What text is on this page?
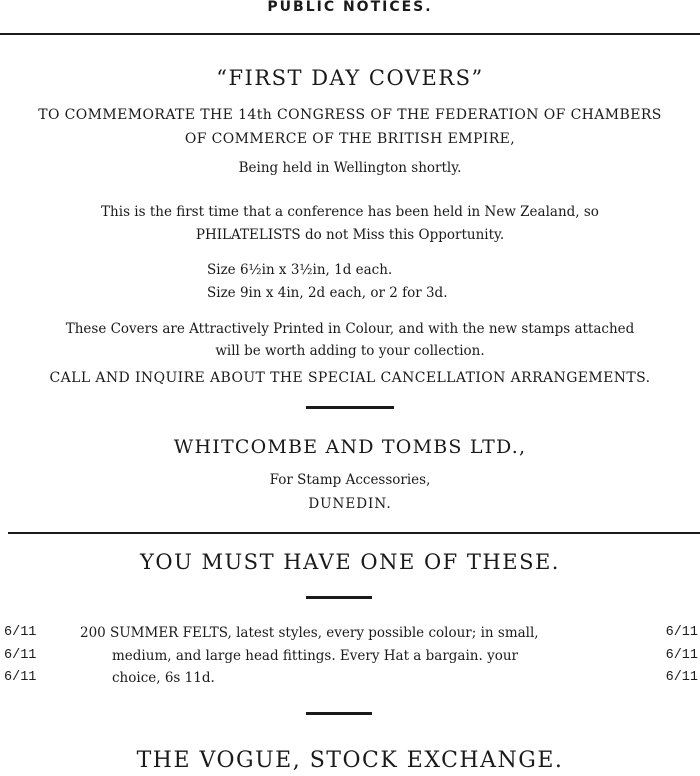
PUBLIC NOTICES.
“FIRST DAY COVERS”
TO COMMEMORATE THE 14th CONGRESS OF THE FEDERATION OF CHAMBERS
OF COMMERCE OF THE BRITISH EMPIRE,
Being held in Wellington shortly.
This is the first time that a conference has been held in New Zealand, so
PHILATELISTS do not Miss this Opportunity.
Size 6½in x 3½in, 1d each.
Size 9in x 4in, 2d each, or 2 for 3d.
These Covers are Attractively Printed in Colour, and with the new stamps attached
will be worth adding to your collection.
CALL AND INQUIRE ABOUT THE SPECIAL CANCELLATION ARRANGEMENTS.
WHITCOMBE AND TOMBS LTD.,
For Stamp Accessories,
DUNEDIN.
YOU MUST HAVE ONE OF THESE.
6/11
6/11
6/11
200 SUMMER FELTS, latest styles, every possible colour; in small,
medium, and large head fittings. Every Hat a bargain. your
choice, 6s 11d.
6/11
6/11
6/11
THE VOGUE, STOCK EXCHANGE.
